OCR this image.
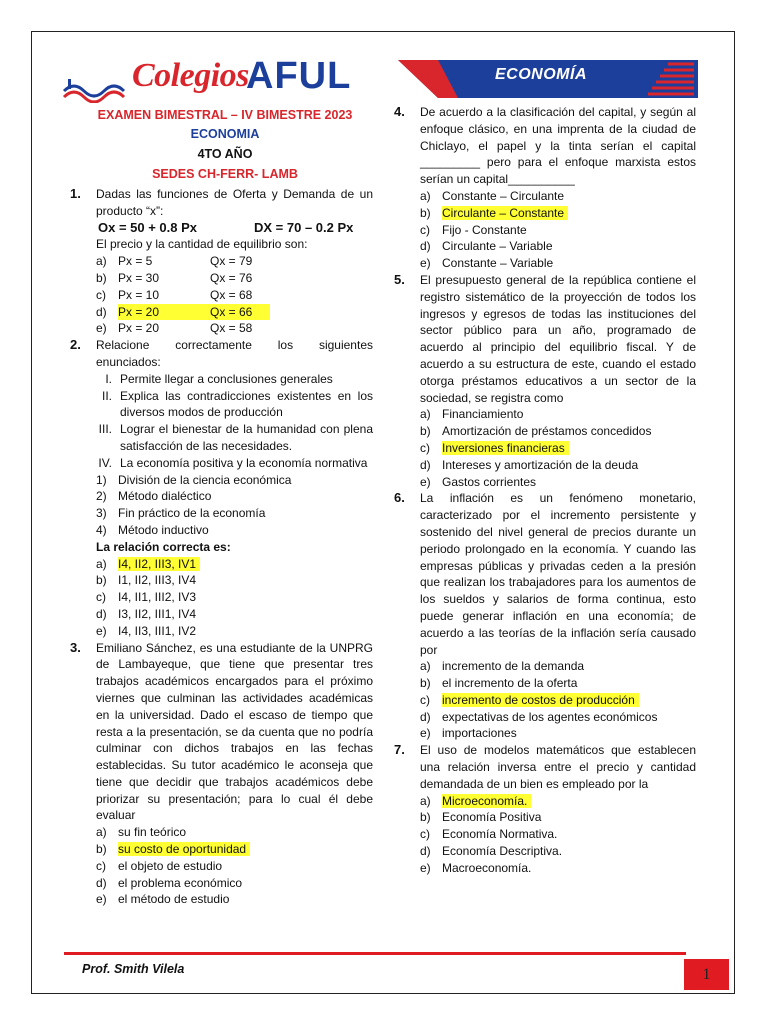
Colegios
AFUL	ECONOMÍA
EXAMEN BIMESTRAL – IV BIMESTRE 2023
ECONOMIA
4TO AÑO
SEDES CH-FERR- LAMB
1. Dadas las funciones de Oferta y Demanda de un producto “x”:
Ox = 50 + 0.8 Px	DX = 70 – 0.2 Px
El precio y la cantidad de equilibrio son:
a) Px = 5	Qx = 79
b) Px = 30	Qx = 76
c) Px = 10	Qx = 68
d) Px = 20	Qx = 66
e) Px = 20	Qx = 58
2. Relacione correctamente los siguientes enunciados:
I. Permite llegar a conclusiones generales
II. Explica las contradicciones existentes en los diversos modos de producción
III. Lograr el bienestar de la humanidad con plena satisfacción de las necesidades.
IV. La economía positiva y la economía normativa
1) División de la ciencia económica
2) Método dialéctico
3) Fin práctico de la economía
4) Método inductivo
La relación correcta es:
a) I4, II2, III3, IV1
b) I1, II2, III3, IV4
c) I4, II1, III2, IV3
d) I3, II2, III1, IV4
e) I4, II3, III1, IV2
3. Emiliano Sánchez, es una estudiante de la UNPRG de Lambayeque, que tiene que presentar tres trabajos académicos encargados para el próximo viernes que culminan las actividades académicas en la universidad. Dado el escaso de tiempo que resta a la presentación, se da cuenta que no podría culminar con dichos trabajos en las fechas establecidas. Su tutor académico le aconseja que tiene que decidir que trabajos académicos debe priorizar su presentación; para lo cual él debe evaluar
a) su fin teórico
b) su costo de oportunidad
c) el objeto de estudio
d) el problema económico
e) el método de estudio
4. De acuerdo a la clasificación del capital, y según al enfoque clásico, en una imprenta de la ciudad de Chiclayo, el papel y la tinta serían el capital _________ pero para el enfoque marxista estos serían un capital__________
a) Constante – Circulante
b) Circulante – Constante
c) Fijo - Constante
d) Circulante – Variable
e) Constante – Variable
5. El presupuesto general de la república contiene el registro sistemático de la proyección de todos los ingresos y egresos de todas las instituciones del sector público para un año, programado de acuerdo al principio del equilibrio fiscal. Y de acuerdo a su estructura de este, cuando el estado otorga préstamos educativos a un sector de la sociedad, se registra como
a) Financiamiento
b) Amortización de préstamos concedidos
c) Inversiones financieras
d) Intereses y amortización de la deuda
e) Gastos corrientes
6. La inflación es un fenómeno monetario, caracterizado por el incremento persistente y sostenido del nivel general de precios durante un periodo prolongado en la economía. Y cuando las empresas públicas y privadas ceden a la presión que realizan los trabajadores para los aumentos de los sueldos y salarios de forma continua, esto puede generar inflación en una economía; de acuerdo a las teorías de la inflación sería causado por
a) incremento de la demanda
b) el incremento de la oferta
c) incremento de costos de producción
d) expectativas de los agentes económicos
e) importaciones
7. El uso de modelos matemáticos que establecen una relación inversa entre el precio y cantidad demandada de un bien es empleado por la
a) Microeconomía.
b) Economía Positiva
c) Economía Normativa.
d) Economía Descriptiva.
e) Macroeconomía.
Prof. Smith Vilela	1
